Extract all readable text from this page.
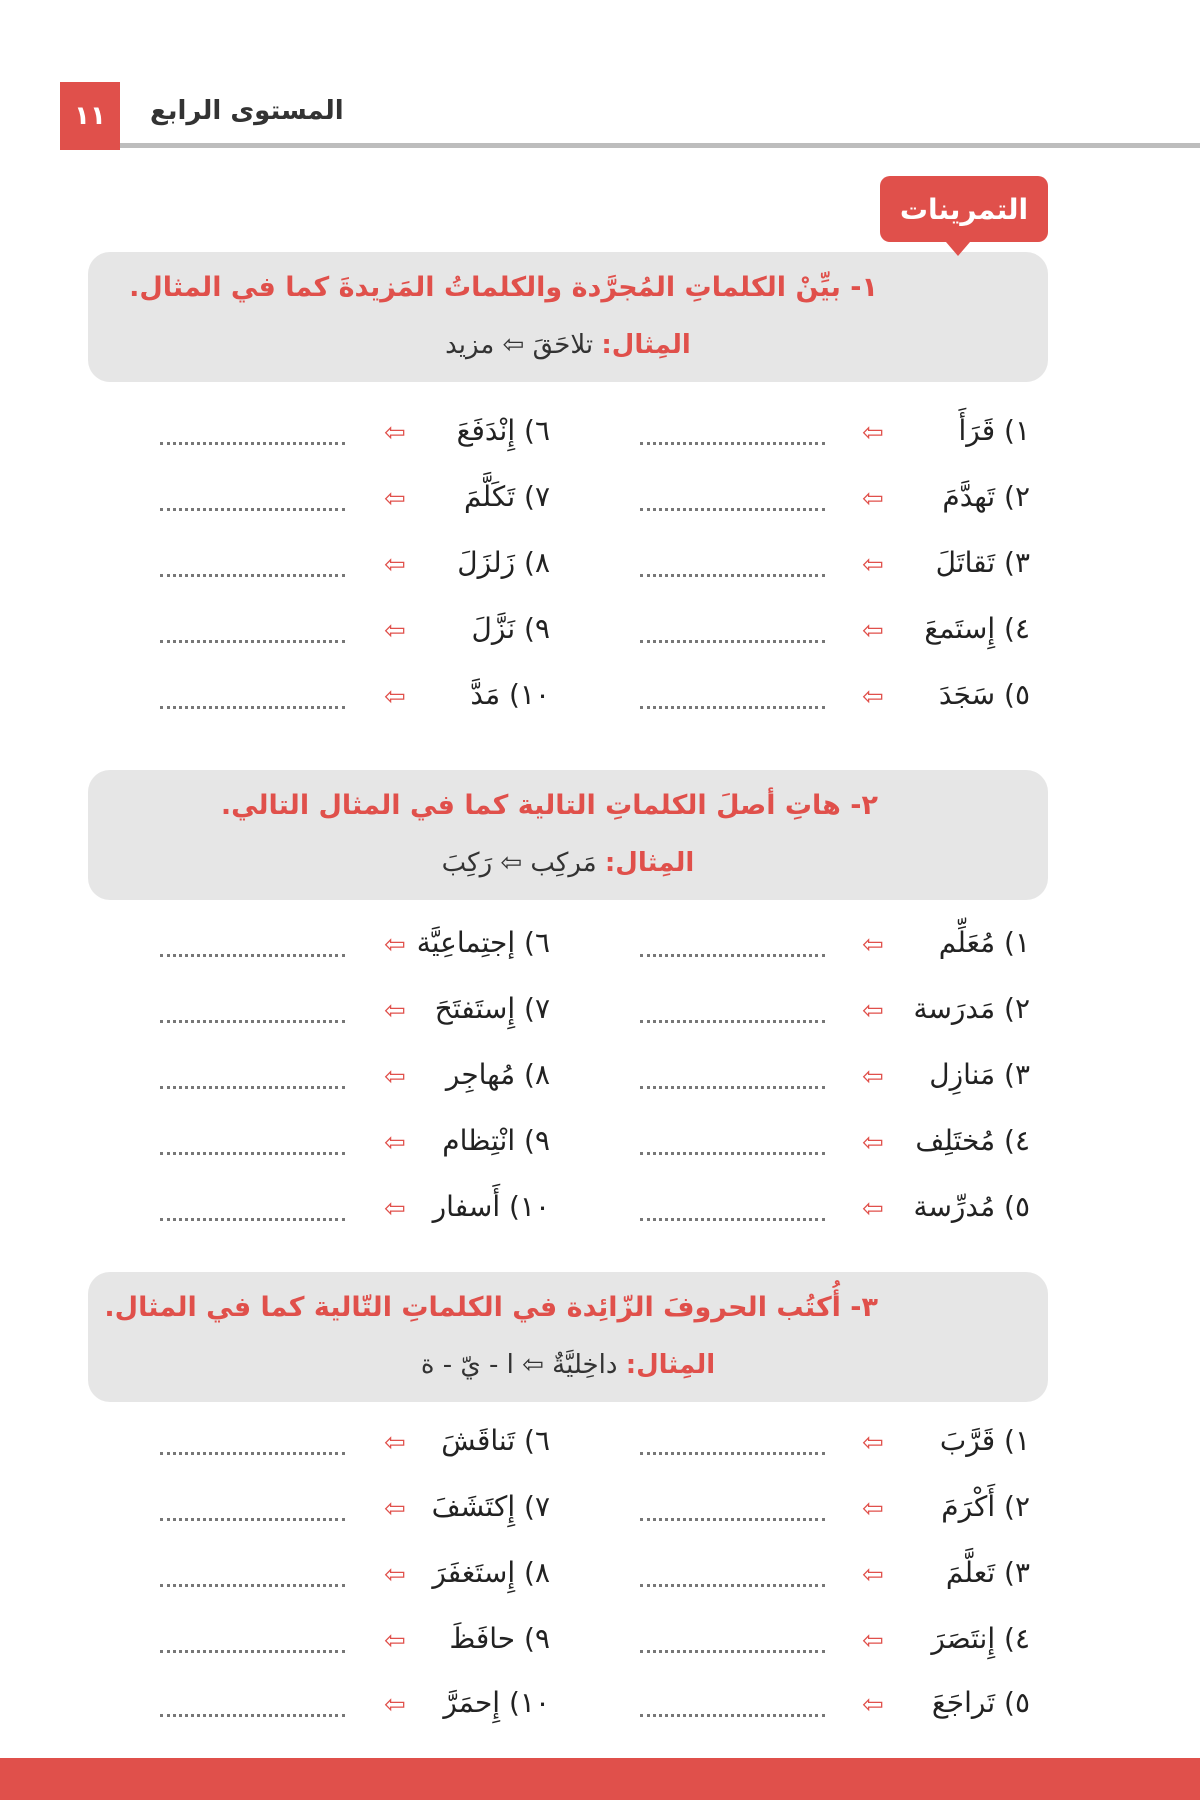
١١	المستوى الرابع
التمرينات
١- بيِّنْ الكلماتِ المُجرَّدة والكلماتُ المَزيدةَ كما في المثال.
المِثال: تلاحَقَ ⇦ مزيد
٢- هاتِ أصلَ الكلماتِ التالية كما في المثال التالي.
المِثال: مَركِب ⇦ رَكِبَ
٣- أُكتُب الحروفَ الزّائِدة في الكلماتِ التّالية كما في المثال.
المِثال: داخِليَّةٌ ⇦ ا - يّ - ة
١) قَرَأَ
⇦
٦) إِنْدَفَعَ
⇦
٢) تَهدَّمَ
⇦
٧) تَكَلَّمَ
⇦
٣) تَقاتَلَ
⇦
٨) زَلزَلَ
⇦
٤) إِستَمعَ
⇦
٩) نَزَّلَ
⇦
٥) سَجَدَ
⇦
١٠) مَدَّ
⇦
١) مُعَلِّم
⇦
٦) إجتِماعِيَّة
⇦
٢) مَدرَسة
⇦
٧) إِستَفتَحَ
⇦
٣) مَنازِل
⇦
٨) مُهاجِر
⇦
٤) مُختَلِف
⇦
٩) انْتِظام
⇦
٥) مُدرِّسة
⇦
١٠) أَسفار
⇦
١) قَرَّبَ
⇦
٦) تَناقَشَ
⇦
٢) أَكْرَمَ
⇦
٧) إِكتَشَفَ
⇦
٣) تَعلَّمَ
⇦
٨) إِستَغفَرَ
⇦
٤) إِنتَصَرَ
⇦
٩) حافَظَ
⇦
٥) تَراجَعَ
⇦
١٠) إِحمَرَّ
⇦
